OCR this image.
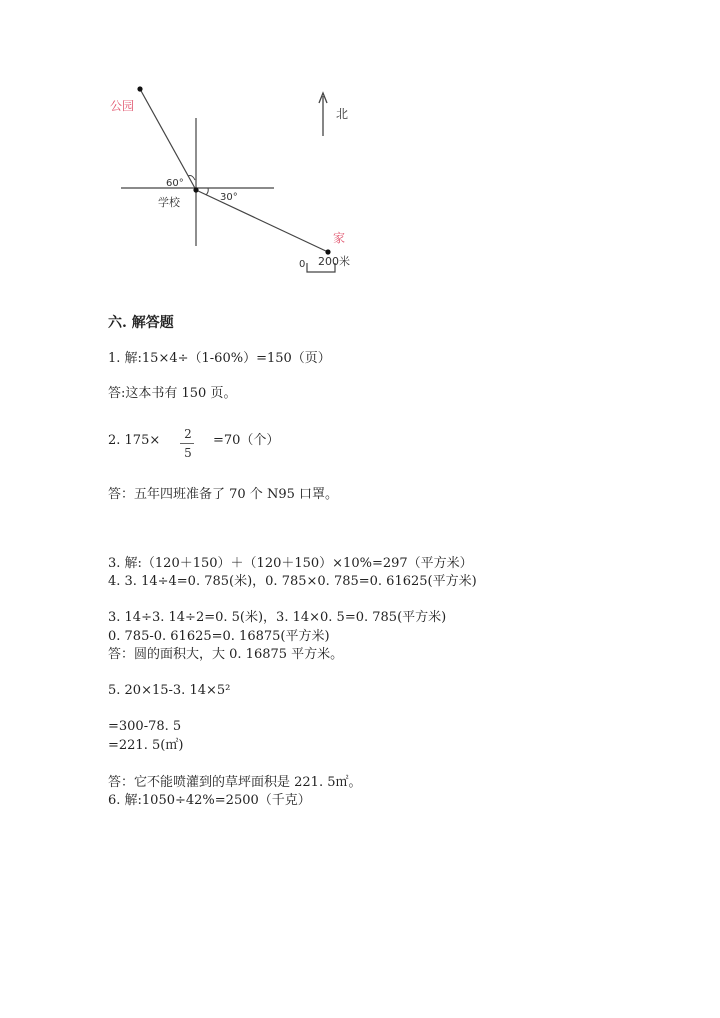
公园
学校
家
北
60°
30°
0 200米
六. 解答题
1. 解:15×4÷（1-60%）=150（页）
答:这本书有 150 页。
2. 175×	2
5
=70（个）
答：五年四班准备了 70 个 N95 口罩。
3. 解:（120＋150）＋（120＋150）×10%=297（平方米）
4. 3. 14÷4=0. 785(米)，0. 785×0. 785=0. 61625(平方米)
3. 14÷3. 14÷2=0. 5(米)，3. 14×0. 5=0. 785(平方米)
0. 785-0. 61625=0. 16875(平方米)
答：圆的面积大，大 0. 16875 平方米。
5. 20×15-3. 14×5²
=300-78. 5
=221. 5(㎡)
答：它不能喷灌到的草坪面积是 221. 5㎡。
6. 解:1050÷42%=2500（千克）
